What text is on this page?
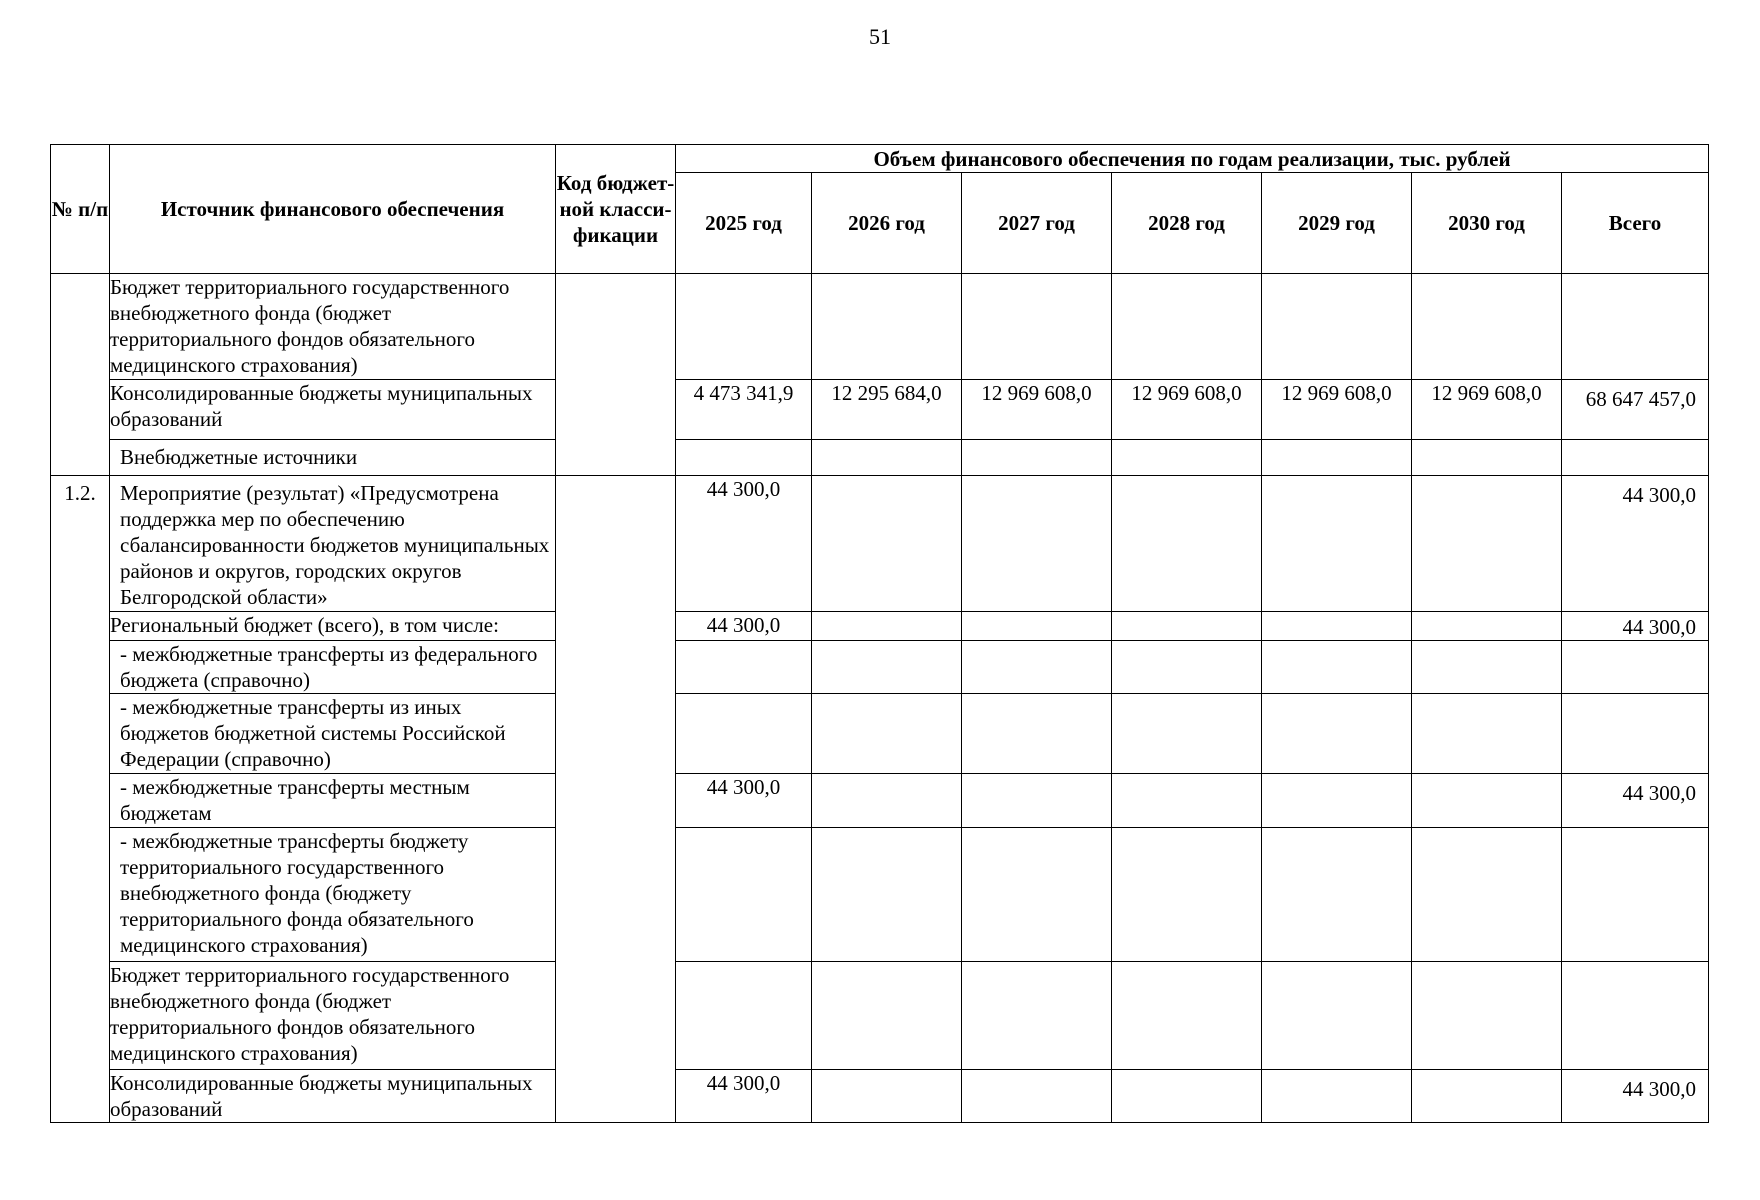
51
№ п/п	Источник финансового обеспечения	Код бюджет- ной класси- фикации	Объем финансового обеспечения по годам реализации, тыс. рублей						
			2025 год	2026 год	2027 год	2028 год	2029 год	2030 год	Всего
	Бюджет территориального государственного внебюджетного фонда (бюджет территориального фондов обязательного медицинского страхования)								
	Консолидированные бюджеты муниципальных образований		4 473 341,9	12 295 684,0	12 969 608,0	12 969 608,0	12 969 608,0	12 969 608,0	68 647 457,0
	Внебюджетные источники								
1.2.	Мероприятие (результат) «Предусмотрена поддержка мер по обеспечению сбалансированности бюджетов муниципальных районов и округов, городских округов Белгородской области»		44 300,0						44 300,0
	Региональный бюджет (всего), в том числе:		44 300,0						44 300,0
	- межбюджетные трансферты из федерального бюджета (справочно)								
	- межбюджетные трансферты из иных бюджетов бюджетной системы Российской Федерации (справочно)								
	- межбюджетные трансферты местным бюджетам		44 300,0						44 300,0
	- межбюджетные трансферты бюджету территориального государственного внебюджетного фонда (бюджету территориального фонда обязательного медицинского страхования)								
	Бюджет территориального государственного внебюджетного фонда (бюджет территориального фондов обязательного медицинского страхования)								
	Консолидированные бюджеты муниципальных образований		44 300,0						44 300,0
